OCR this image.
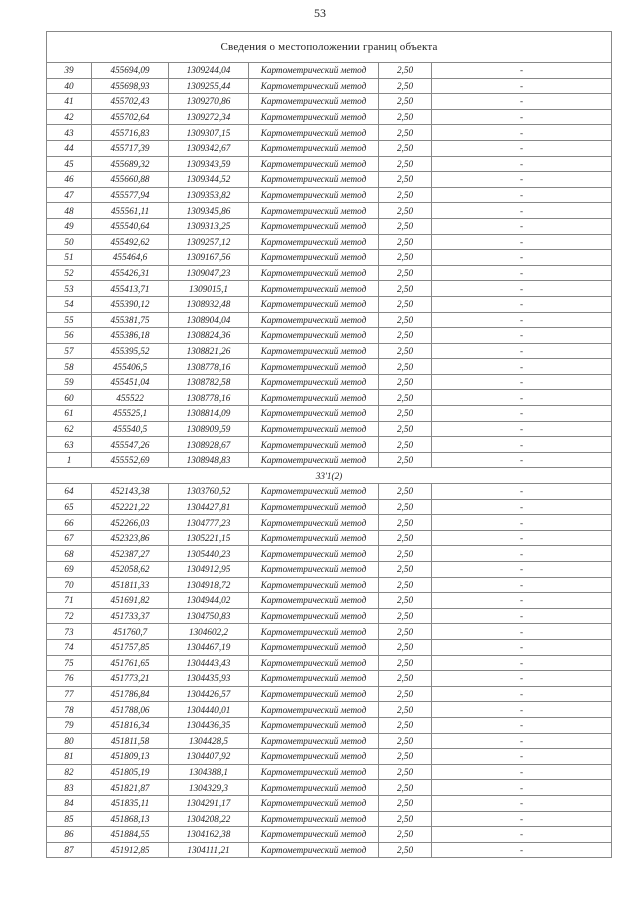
53
Сведения о местоположении границ объекта					
39	455694,09	1309244,04	Картометрический метод	2,50	-
40	455698,93	1309255,44	Картометрический метод	2,50	-
41	455702,43	1309270,86	Картометрический метод	2,50	-
42	455702,64	1309272,34	Картометрический метод	2,50	-
43	455716,83	1309307,15	Картометрический метод	2,50	-
44	455717,39	1309342,67	Картометрический метод	2,50	-
45	455689,32	1309343,59	Картометрический метод	2,50	-
46	455660,88	1309344,52	Картометрический метод	2,50	-
47	455577,94	1309353,82	Картометрический метод	2,50	-
48	455561,11	1309345,86	Картометрический метод	2,50	-
49	455540,64	1309313,25	Картометрический метод	2,50	-
50	455492,62	1309257,12	Картометрический метод	2,50	-
51	455464,6	1309167,56	Картометрический метод	2,50	-
52	455426,31	1309047,23	Картометрический метод	2,50	-
53	455413,71	1309015,1	Картометрический метод	2,50	-
54	455390,12	1308932,48	Картометрический метод	2,50	-
55	455381,75	1308904,04	Картометрический метод	2,50	-
56	455386,18	1308824,36	Картометрический метод	2,50	-
57	455395,52	1308821,26	Картометрический метод	2,50	-
58	455406,5	1308778,16	Картометрический метод	2,50	-
59	455451,04	1308782,58	Картометрический метод	2,50	-
60	455522	1308778,16	Картометрический метод	2,50	-
61	455525,1	1308814,09	Картометрический метод	2,50	-
62	455540,5	1308909,59	Картометрический метод	2,50	-
63	455547,26	1308928,67	Картометрический метод	2,50	-
1	455552,69	1308948,83	Картометрический метод	2,50	-
33'1(2)					
64	452143,38	1303760,52	Картометрический метод	2,50	-
65	452221,22	1304427,81	Картометрический метод	2,50	-
66	452266,03	1304777,23	Картометрический метод	2,50	-
67	452323,86	1305221,15	Картометрический метод	2,50	-
68	452387,27	1305440,23	Картометрический метод	2,50	-
69	452058,62	1304912,95	Картометрический метод	2,50	-
70	451811,33	1304918,72	Картометрический метод	2,50	-
71	451691,82	1304944,02	Картометрический метод	2,50	-
72	451733,37	1304750,83	Картометрический метод	2,50	-
73	451760,7	1304602,2	Картометрический метод	2,50	-
74	451757,85	1304467,19	Картометрический метод	2,50	-
75	451761,65	1304443,43	Картометрический метод	2,50	-
76	451773,21	1304435,93	Картометрический метод	2,50	-
77	451786,84	1304426,57	Картометрический метод	2,50	-
78	451788,06	1304440,01	Картометрический метод	2,50	-
79	451816,34	1304436,35	Картометрический метод	2,50	-
80	451811,58	1304428,5	Картометрический метод	2,50	-
81	451809,13	1304407,92	Картометрический метод	2,50	-
82	451805,19	1304388,1	Картометрический метод	2,50	-
83	451821,87	1304329,3	Картометрический метод	2,50	-
84	451835,11	1304291,17	Картометрический метод	2,50	-
85	451868,13	1304208,22	Картометрический метод	2,50	-
86	451884,55	1304162,38	Картометрический метод	2,50	-
87	451912,85	1304111,21	Картометрический метод	2,50	-
